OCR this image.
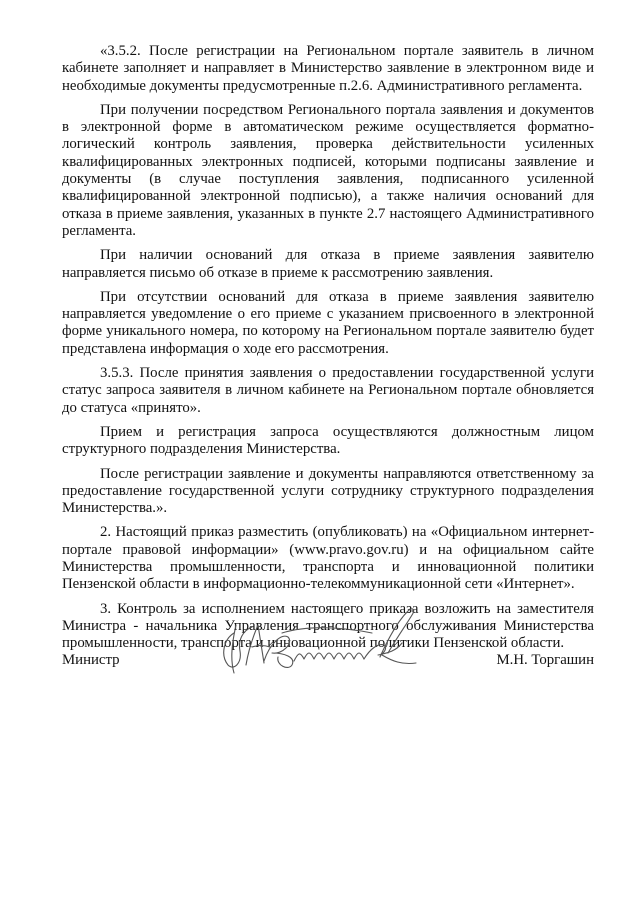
«3.5.2. После регистрации на Региональном портале заявитель в личном кабинете заполняет и направляет в Министерство заявление в электронном виде и необходимые документы предусмотренные п.2.6. Административного регламента.

При получении посредством Регионального портала заявления и документов в электронной форме в автоматическом режиме осуществляется форматно-логический контроль заявления, проверка действительности усиленных квалифицированных электронных подписей, которыми подписаны заявление и документы (в случае поступления заявления, подписанного усиленной квалифицированной электронной подписью), а также наличия оснований для отказа в приеме заявления, указанных в пункте 2.7 настоящего Административного регламента.

При наличии оснований для отказа в приеме заявления заявителю направляется письмо об отказе в приеме к рассмотрению заявления.

При отсутствии оснований для отказа в приеме заявления заявителю направляется уведомление о его приеме с указанием присвоенного в электронной форме уникального номера, по которому на Региональном портале заявителю будет представлена информация о ходе его рассмотрения.

3.5.3. После принятия заявления о предоставлении государственной услуги статус запроса заявителя в личном кабинете на Региональном портале обновляется до статуса «принято».

Прием и регистрация запроса осуществляются должностным лицом структурного подразделения Министерства.

После регистрации заявление и документы направляются ответственному за предоставление государственной услуги сотруднику структурного подразделения Министерства.».

2. Настоящий приказ разместить (опубликовать) на «Официальном интернет-портале правовой информации» (www.pravo.gov.ru) и на официальном сайте Министерства промышленности, транспорта и инновационной политики Пензенской области в информационно-телекоммуникационной сети «Интернет».

3. Контроль за исполнением настоящего приказа возложить на заместителя Министра - начальника Управления транспортного обслуживания Министерства промышленности, транспорта и инновационной политики Пензенской области.

Министр	М.Н. Торгашин
